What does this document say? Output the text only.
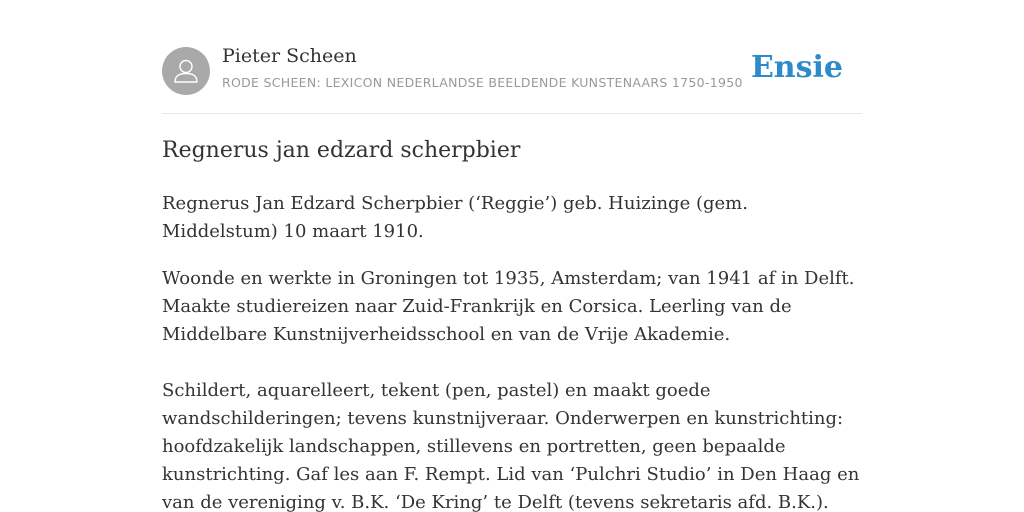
Pieter Scheen
RODE SCHEEN: LEXICON NEDERLANDSE BEELDENDE KUNSTENAARS 1750-1950 Ensie
Regnerus jan edzard scherpbier

Regnerus Jan Edzard Scherpbier (‘Reggie’) geb. Huizinge (gem. Middelstum) 10 maart 1910.

Woonde en werkte in Groningen tot 1935, Amsterdam; van 1941 af in Delft. Maakte studiereizen naar Zuid-Frankrijk en Corsica. Leerling van de Middelbare Kunstnijverheidsschool en van de Vrije Akademie.

Schildert, aquarelleert, tekent (pen, pastel) en maakt goede wandschilderingen; tevens kunstnijveraar. Onderwerpen en kunstrichting: hoofdzakelijk landschappen, stillevens en portretten, geen bepaalde kunstrichting. Gaf les aan F. Rempt. Lid van ‘Pulchri Studio’ in Den Haag en van de vereniging v. B.K. ‘De Kring’ te Delft (tevens sekretaris afd. B.K.).
